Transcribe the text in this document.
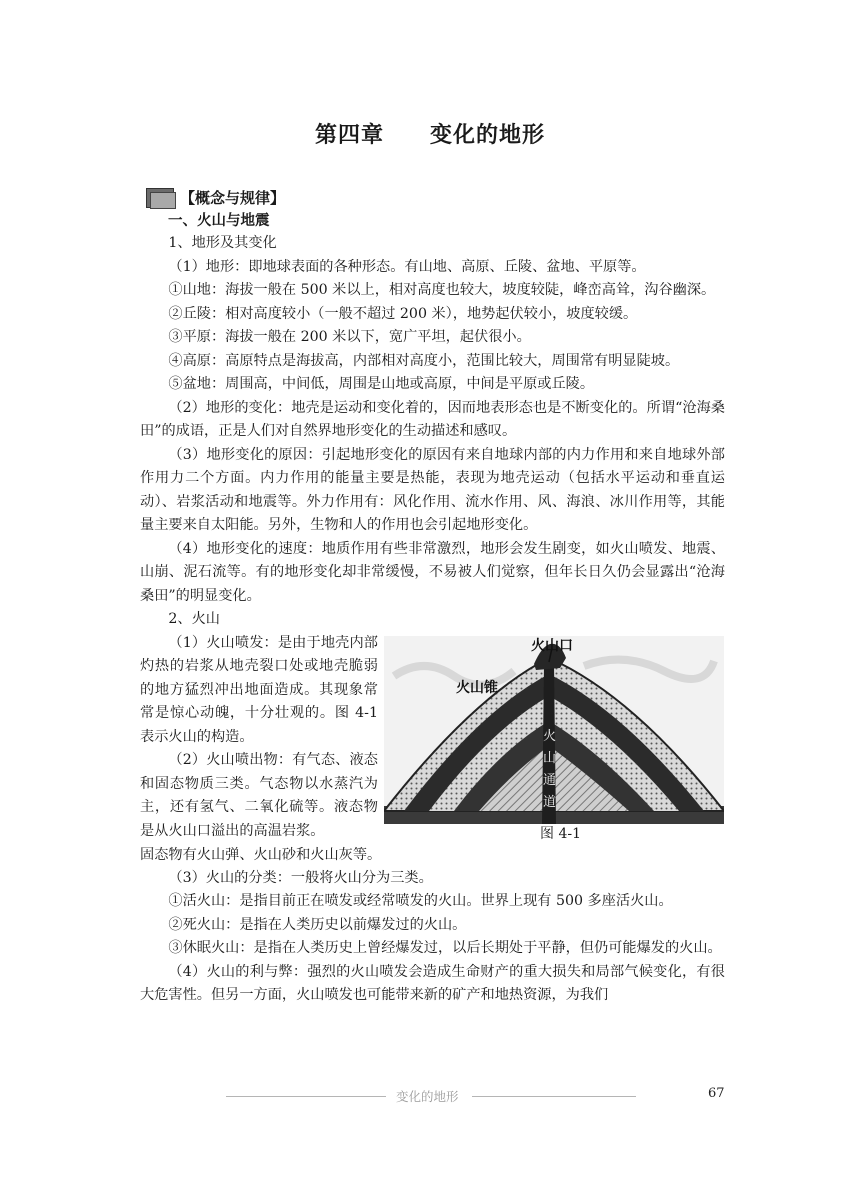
第四章 变化的地形
【概念与规律】
一、火山与地震

1、地形及其变化

（1）地形：即地球表面的各种形态。有山地、高原、丘陵、盆地、平原等。

①山地：海拔一般在 500 米以上，相对高度也较大，坡度较陡，峰峦高耸，沟谷幽深。

②丘陵：相对高度较小（一般不超过 200 米），地势起伏较小，坡度较缓。

③平原：海拔一般在 200 米以下，宽广平坦，起伏很小。

④高原：高原特点是海拔高，内部相对高度小，范围比较大，周围常有明显陡坡。

⑤盆地：周围高，中间低，周围是山地或高原，中间是平原或丘陵。

（2）地形的变化：地壳是运动和变化着的，因而地表形态也是不断变化的。所谓“沧海桑田”的成语，正是人们对自然界地形变化的生动描述和感叹。

（3）地形变化的原因：引起地形变化的原因有来自地球内部的内力作用和来自地球外部作用力二个方面。内力作用的能量主要是热能，表现为地壳运动（包括水平运动和垂直运动）、岩浆活动和地震等。外力作用有：风化作用、流水作用、风、海浪、冰川作用等，其能量主要来自太阳能。另外，生物和人的作用也会引起地形变化。

（4）地形变化的速度：地质作用有些非常激烈，地形会发生剧变，如火山喷发、地震、山崩、泥石流等。有的地形变化却非常缓慢，不易被人们觉察，但年长日久仍会显露出“沧海桑田”的明显变化。

2、火山

（1）火山喷发：是由于地壳内部灼热的岩浆从地壳裂口处或地壳脆弱的地方猛烈冲出地面造成。其现象常常是惊心动魄，十分壮观的。图 4-1 表示火山的构造。

（2）火山喷出物：有气态、液态和固态物质三类。气态物以水蒸汽为主，还有氢气、二氧化硫等。液态物是从火山口溢出的高温岩浆。

火山口
火山锥
火
山
通
道
图 4-1

固态物有火山弹、火山砂和火山灰等。

（3）火山的分类：一般将火山分为三类。

①活火山：是指目前正在喷发或经常喷发的火山。世界上现有 500 多座活火山。

②死火山：是指在人类历史以前爆发过的火山。

③休眠火山：是指在人类历史上曾经爆发过，以后长期处于平静，但仍可能爆发的火山。

（4）火山的利与弊：强烈的火山喷发会造成生命财产的重大损失和局部气候变化，有很大危害性。但另一方面，火山喷发也可能带来新的矿产和地热资源，为我们

变化的地形	67
